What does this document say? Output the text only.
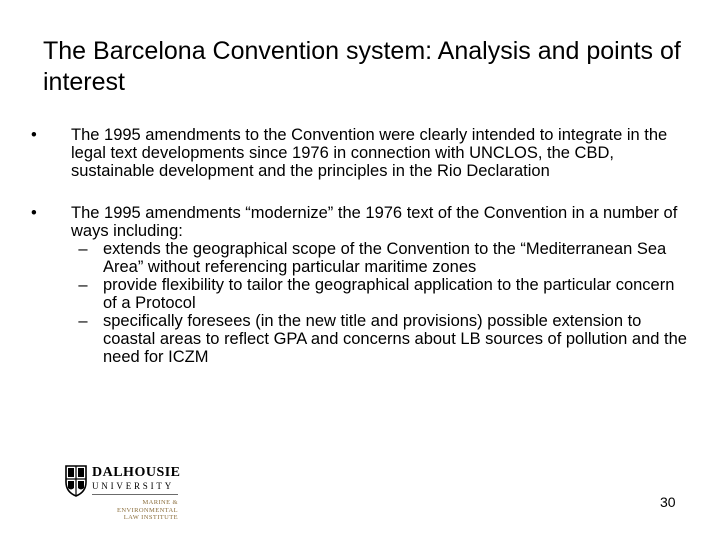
The Barcelona Convention system: Analysis and points of interest
•	The 1995 amendments to the Convention were clearly intended to integrate in the legal text developments since 1976 in connection with UNCLOS, the CBD, sustainable development and the principles in the Rio Declaration
•	The 1995 amendments “modernize” the 1976 text of the Convention in a number of ways including:
– extends the geographical scope of the Convention to the “Mediterranean Sea Area” without referencing particular maritime zones
– provide flexibility to tailor the geographical application to the particular concern of a Protocol
– specifically foresees (in the new title and provisions) possible extension to coastal areas to reflect GPA and concerns about LB sources of pollution and the need for ICZM
DALHOUSIE
UNIVERSITY
MARINE &
ENVIRONMENTAL
LAW INSTITUTE
30
